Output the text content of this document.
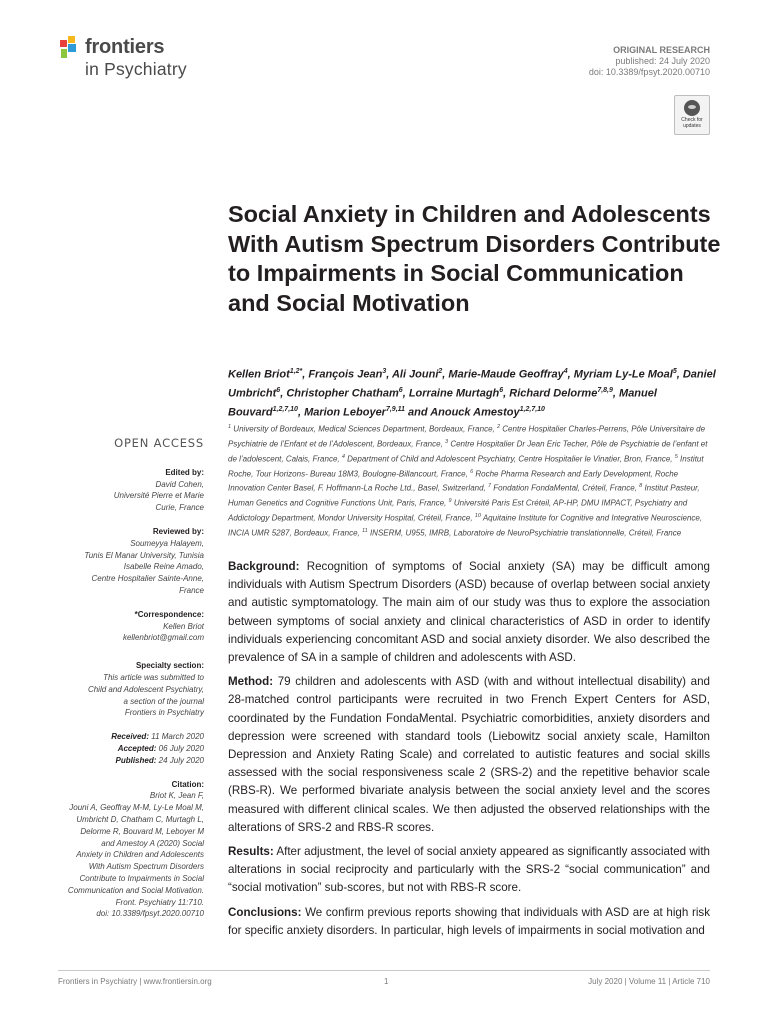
frontiers
in Psychiatry
ORIGINAL RESEARCH
published: 24 July 2020
doi: 10.3389/fpsyt.2020.00710
Check for updates
Social Anxiety in Children and Adolescents With Autism Spectrum Disorders Contribute to Impairments in Social Communication and Social Motivation
Kellen Briot$^{1,2*}$, François Jean$^3$, Ali Jouni$^2$, Marie-Maude Geoffray$^4$, Myriam Ly-Le Moal$^5$, Daniel Umbricht$^6$, Christopher Chatham$^6$, Lorraine Murtagh$^6$, Richard Delorme$^{7,8,9}$, Manuel Bouvard$^{1,2,7,10}$, Marion Leboyer$^{7,9,11}$ and Anouck Amestoy$^{1,2,7,10}$
$^1$ University of Bordeaux, Medical Sciences Department, Bordeaux, France, $^2$ Centre Hospitalier Charles-Perrens, Pôle Universitaire de Psychiatrie de l’Enfant et de l’Adolescent, Bordeaux, France, $^3$ Centre Hospitalier Dr Jean Eric Techer, Pôle de Psychiatrie de l’enfant et de l’adolescent, Calais, France, $^4$ Department of Child and Adolescent Psychiatry, Centre Hospitalier le Vinatier, Bron, France, $^5$ Institut Roche, Tour Horizons- Bureau 18M3, Boulogne-Billancourt, France, $^6$ Roche Pharma Research and Early Development, Roche Innovation Center Basel, F. Hoffmann-La Roche Ltd., Basel, Switzerland, $^7$ Fondation FondaMental, Créteil, France, $^8$ Institut Pasteur, Human Genetics and Cognitive Functions Unit, Paris, France, $^9$ Université Paris Est Créteil, AP-HP, DMU IMPACT, Psychiatry and Addictology Department, Mondor University Hospital, Créteil, France, $^{10}$ Aquitaine Institute for Cognitive and Integrative Neuroscience, INCIA UMR 5287, Bordeaux, France, $^{11}$ INSERM, U955, IMRB, Laboratoire de NeuroPsychiatrie translationnelle, Créteil, France
OPEN ACCESS
Edited by:
David Cohen,
Université Pierre et Marie
Curie, France
Reviewed by:
Soumeyya Halayem,
Tunis El Manar University, Tunisia
Isabelle Reine Amado,
Centre Hospitalier Sainte-Anne,
France
*Correspondence:
Kellen Briot
kellenbriot@gmail.com
Specialty section:
This article was submitted to
Child and Adolescent Psychiatry,
a section of the journal
Frontiers in Psychiatry
Received: 11 March 2020
Accepted: 06 July 2020
Published: 24 July 2020
Citation:
Briot K, Jean F,
Jouni A, Geoffray M-M, Ly-Le Moal M,
Umbricht D, Chatham C, Murtagh L,
Delorme R, Bouvard M, Leboyer M
and Amestoy A (2020) Social
Anxiety in Children and Adolescents
With Autism Spectrum Disorders
Contribute to Impairments in Social
Communication and Social Motivation.
Front. Psychiatry 11:710.
doi: 10.3389/fpsyt.2020.00710

Background: Recognition of symptoms of Social anxiety (SA) may be difficult among individuals with Autism Spectrum Disorders (ASD) because of overlap between social anxiety and autistic symptomatology. The main aim of our study was thus to explore the association between symptoms of social anxiety and clinical characteristics of ASD in order to identify individuals experiencing concomitant ASD and social anxiety disorder. We also described the prevalence of SA in a sample of children and adolescents with ASD.

Method: 79 children and adolescents with ASD (with and without intellectual disability) and 28-matched control participants were recruited in two French Expert Centers for ASD, coordinated by the Fundation FondaMental. Psychiatric comorbidities, anxiety disorders and depression were screened with standard tools (Liebowitz social anxiety scale, Hamilton Depression and Anxiety Rating Scale) and correlated to autistic features and social skills assessed with the social responsiveness scale 2 (SRS-2) and the repetitive behavior scale (RBS-R). We performed bivariate analysis between the social anxiety level and the scores measured with different clinical scales. We then adjusted the observed relationships with the alterations of SRS-2 and RBS-R scores.

Results: After adjustment, the level of social anxiety appeared as significantly associated with alterations in social reciprocity and particularly with the SRS-2 “social communication” and “social motivation” sub-scores, but not with RBS-R score.

Conclusions: We confirm previous reports showing that individuals with ASD are at high risk for specific anxiety disorders. In particular, high levels of impairments in social motivation and

Frontiers in Psychiatry | www.frontiersin.org	1	July 2020 | Volume 11 | Article 710
